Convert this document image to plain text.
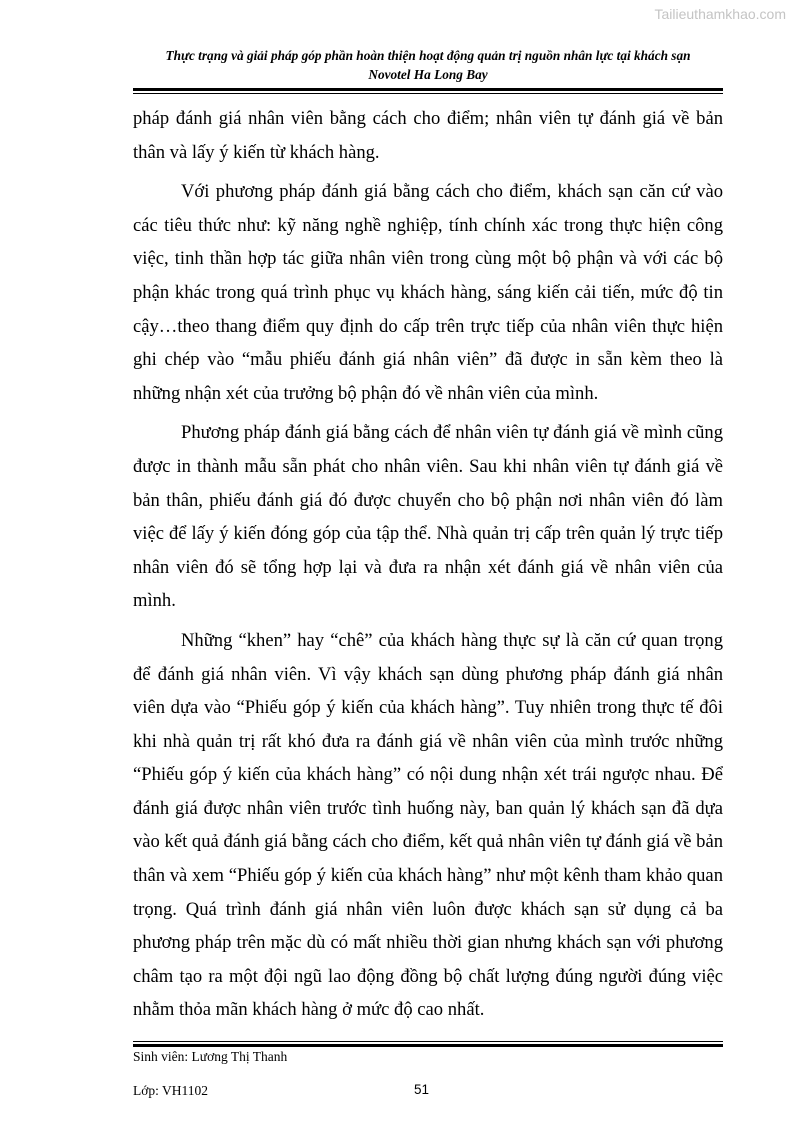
Tailieuthamkhao.com
Thực trạng và giải pháp góp phần hoàn thiện hoạt động quản trị nguồn nhân lực tại khách sạn
Novotel Ha Long Bay

pháp đánh giá nhân viên bằng cách cho điểm; nhân viên tự đánh giá về bản thân và lấy ý kiến từ khách hàng.

Với phương pháp đánh giá bằng cách cho điểm, khách sạn căn cứ vào các tiêu thức như: kỹ năng nghề nghiệp, tính chính xác trong thực hiện công việc, tinh thần hợp tác giữa nhân viên trong cùng một bộ phận và với các bộ phận khác trong quá trình phục vụ khách hàng, sáng kiến cải tiến, mức độ tin cậy…theo thang điểm quy định do cấp trên trực tiếp của nhân viên thực hiện ghi chép vào “mẫu phiếu đánh giá nhân viên” đã được in sẵn kèm theo là những nhận xét của trưởng bộ phận đó về nhân viên của mình.

Phương pháp đánh giá bằng cách để nhân viên tự đánh giá về mình cũng được in thành mẫu sẵn phát cho nhân viên. Sau khi nhân viên tự đánh giá về bản thân, phiếu đánh giá đó được chuyển cho bộ phận nơi nhân viên đó làm việc để lấy ý kiến đóng góp của tập thể. Nhà quản trị cấp trên quản lý trực tiếp nhân viên đó sẽ tổng hợp lại và đưa ra nhận xét đánh giá về nhân viên của mình.

Những “khen” hay “chê” của khách hàng thực sự là căn cứ quan trọng để đánh giá nhân viên. Vì vậy khách sạn dùng phương pháp đánh giá nhân viên dựa vào “Phiếu góp ý kiến của khách hàng”. Tuy nhiên trong thực tế đôi khi nhà quản trị rất khó đưa ra đánh giá về nhân viên của mình trước những “Phiếu góp ý kiến của khách hàng” có nội dung nhận xét trái ngược nhau. Để đánh giá được nhân viên trước tình huống này, ban quản lý khách sạn đã dựa vào kết quả đánh giá bằng cách cho điểm, kết quả nhân viên tự đánh giá về bản thân và xem “Phiếu góp ý kiến của khách hàng” như một kênh tham khảo quan trọng. Quá trình đánh giá nhân viên luôn được khách sạn sử dụng cả ba phương pháp trên mặc dù có mất nhiều thời gian nhưng khách sạn với phương châm tạo ra một đội ngũ lao động đồng bộ chất lượng đúng người đúng việc nhằm thỏa mãn khách hàng ở mức độ cao nhất.

Sinh viên: Lương Thị Thanh
Lớp: VH1102	51
